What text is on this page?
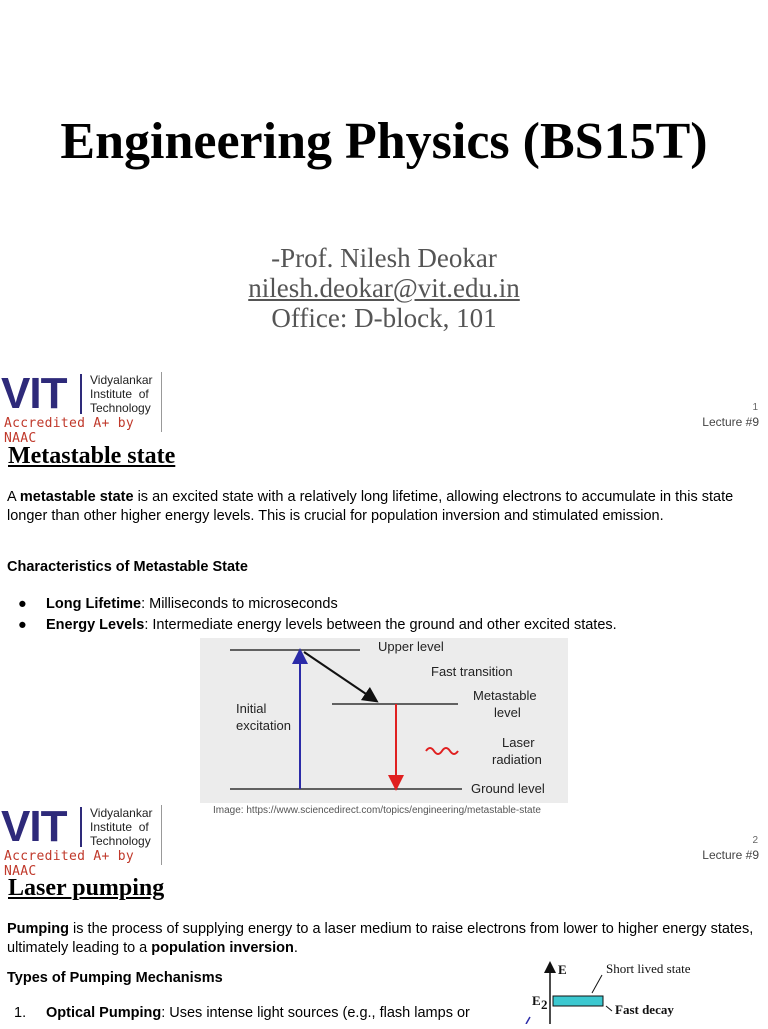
Engineering Physics (BS15T)
-Prof. Nilesh Deokar
nilesh.deokar@vit.edu.in
Office: D-block, 101
VIT Vidyalankar
Institute  of
Technology
Accredited A+ by NAAC
1
Lecture #9
Metastable state
A metastable state is an excited state with a relatively long lifetime, allowing electrons to accumulate in this state longer than other higher energy levels. This is crucial for population inversion and stimulated emission.
Characteristics of Metastable State
● Long Lifetime: Milliseconds to microseconds
● Energy Levels: Intermediate energy levels between the ground and other excited states.
Upper level
Fast transition
Metastable
level
Initial
excitation
Laser
radiation
Ground level
Image: https://www.sciencedirect.com/topics/engineering/metastable-state
VIT Vidyalankar
Institute  of
Technology
Accredited A+ by NAAC
2
Lecture #9
Laser pumping
Pumping is the process of supplying energy to a laser medium to raise electrons from lower to higher energy states, ultimately leading to a population inversion.
Types of Pumping Mechanisms
1. Optical Pumping: Uses intense light sources (e.g., flash lamps or
E	Short lived state
E 2	Fast decay
